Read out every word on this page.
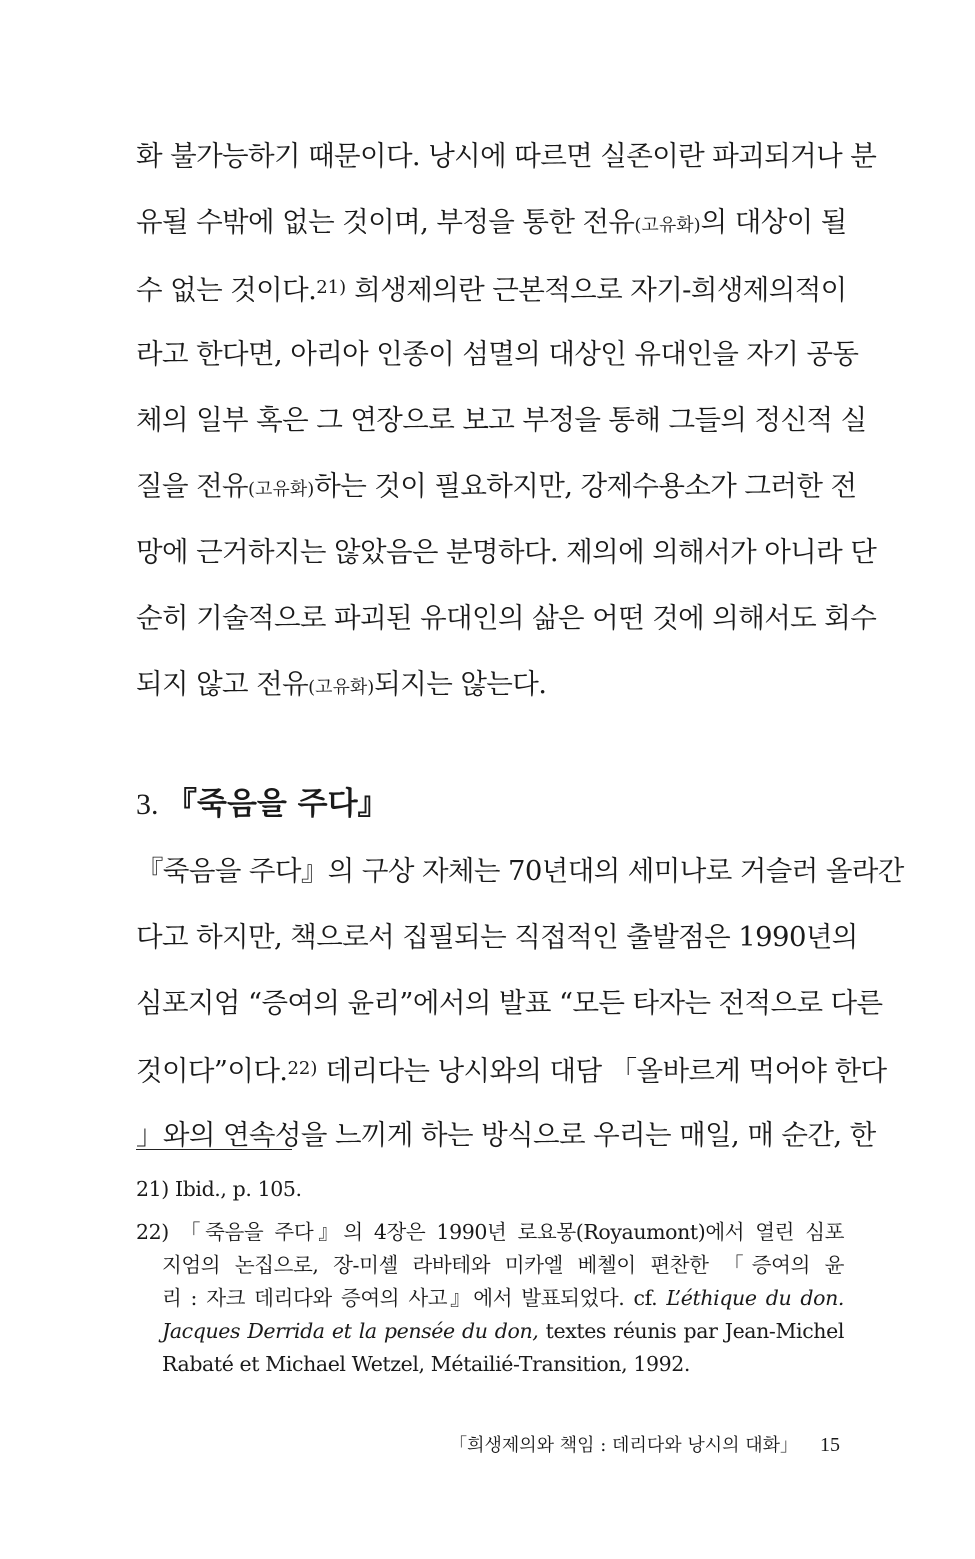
화 불가능하기 때문이다. 낭시에 따르면 실존이란 파괴되거나 분
유될 수밖에 없는 것이며, 부정을 통한 전유(고유화)의 대상이 될
수 없는 것이다.$^{21)}$ 희생제의란 근본적으로 자기-희생제의적이
라고 한다면, 아리아 인종이 섬멸의 대상인 유대인을 자기 공동
체의 일부 혹은 그 연장으로 보고 부정을 통해 그들의 정신적 실
질을 전유(고유화)하는 것이 필요하지만, 강제수용소가 그러한 전
망에 근거하지는 않았음은 분명하다. 제의에 의해서가 아니라 단
순히 기술적으로 파괴된 유대인의 삶은 어떤 것에 의해서도 회수
되지 않고 전유(고유화)되지는 않는다.
3. 『죽음을 주다』
『죽음을 주다』의 구상 자체는 70년대의 세미나로 거슬러 올라간
다고 하지만, 책으로서 집필되는 직접적인 출발점은 1990년의
심포지엄 “증여의 윤리”에서의 발표 “모든 타자는 전적으로 다른
것이다”이다.$^{22)}$ 데리다는 낭시와의 대담 「올바르게 먹어야 한다
」와의 연속성을 느끼게 하는 방식으로 우리는 매일, 매 순간, 한
21) Ibid., p. 105.
22) 「죽음을 주다』의 4장은 1990년 로요몽(Royaumont)에서 열린 심포
지엄의 논집으로, 장-미셸 라바테와 미카엘 베첼이 편찬한 「증여의 윤
리 : 자크 데리다와 증여의 사고』에서 발표되었다. cf. L’éthique du don.
Jacques Derrida et la pensée du don, textes réunis par Jean-Michel
Rabaté et Michael Wetzel, Métailié-Transition, 1992.
「희생제의와 책임 : 데리다와 낭시의 대화」 15
